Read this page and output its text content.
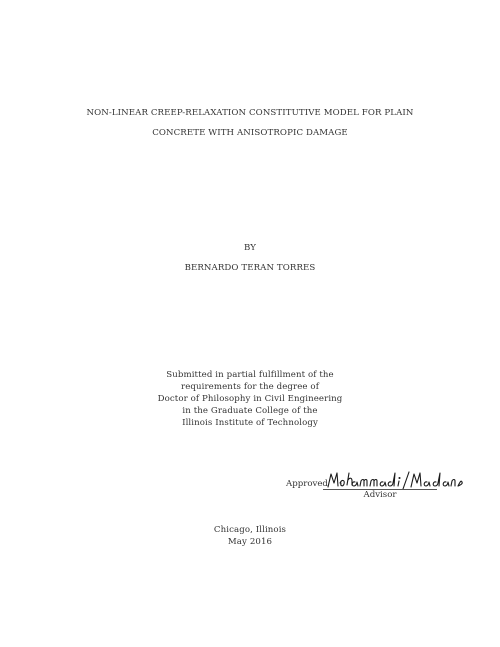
NON-LINEAR CREEP-RELAXATION CONSTITUTIVE MODEL FOR PLAIN
CONCRETE WITH ANISOTROPIC DAMAGE
BY
BERNARDO TERAN TORRES
Submitted in partial fulfillment of the
requirements for the degree of
Doctor of Philosophy in Civil Engineering
in the Graduate College of the
Illinois Institute of Technology
Approved
Advisor
Chicago, Illinois
May 2016
